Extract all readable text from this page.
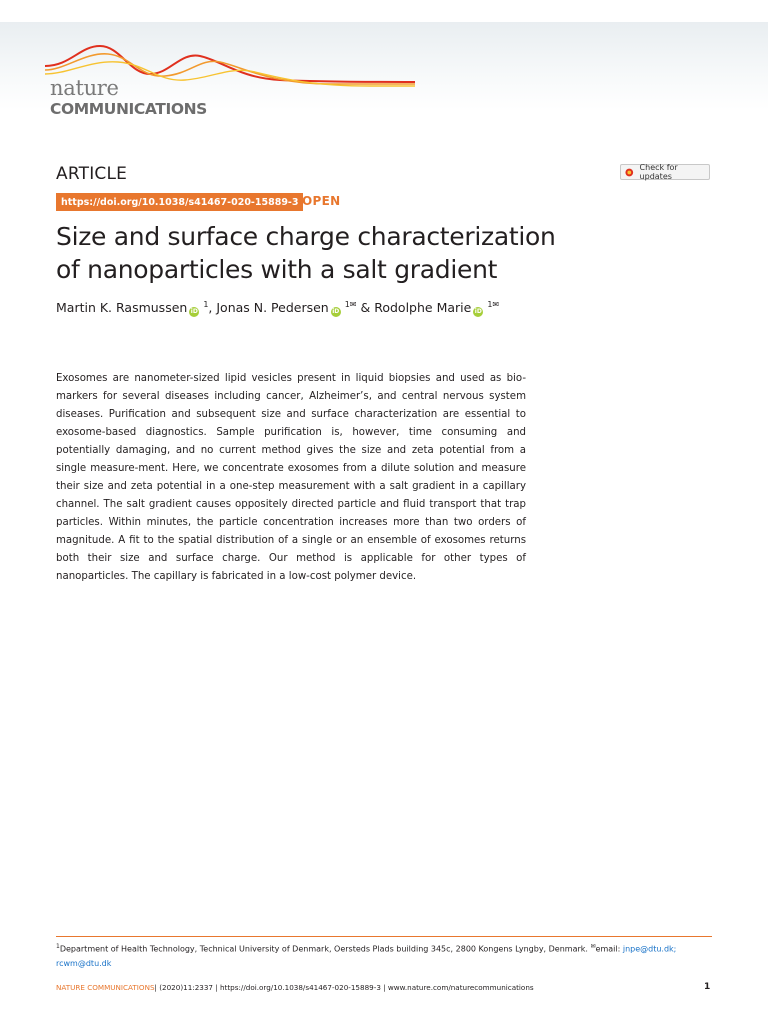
nature
COMMUNICATIONS
ARTICLE	Check for updates
https://doi.org/10.1038/s41467-020-15889-3 OPEN
Size and surface charge characterization
of nanoparticles with a salt gradient
Martin K. Rasmussen iD $^1$, Jonas N. Pedersen iD $^{1✉}$ & Rodolphe Marie iD $^{1✉}$
Exosomes are nanometer-sized lipid vesicles present in liquid biopsies and used as bio-markers for several diseases including cancer, Alzheimer’s, and central nervous system diseases. Purification and subsequent size and surface characterization are essential to exosome-based diagnostics. Sample purification is, however, time consuming and potentially damaging, and no current method gives the size and zeta potential from a single measure-ment. Here, we concentrate exosomes from a dilute solution and measure their size and zeta potential in a one-step measurement with a salt gradient in a capillary channel. The salt gradient causes oppositely directed particle and fluid transport that trap particles. Within minutes, the particle concentration increases more than two orders of magnitude. A fit to the spatial distribution of a single or an ensemble of exosomes returns both their size and surface charge. Our method is applicable for other types of nanoparticles. The capillary is fabricated in a low-cost polymer device.
$^1$Department of Health Technology, Technical University of Denmark, Oersteds Plads building 345c, 2800 Kongens Lyngby, Denmark. ✉email: jnpe@dtu.dk;
rcwm@dtu.dk
NATURE COMMUNICATIONS| (2020)11:2337 | https://doi.org/10.1038/s41467-020-15889-3 | www.nature.com/naturecommunications	1
